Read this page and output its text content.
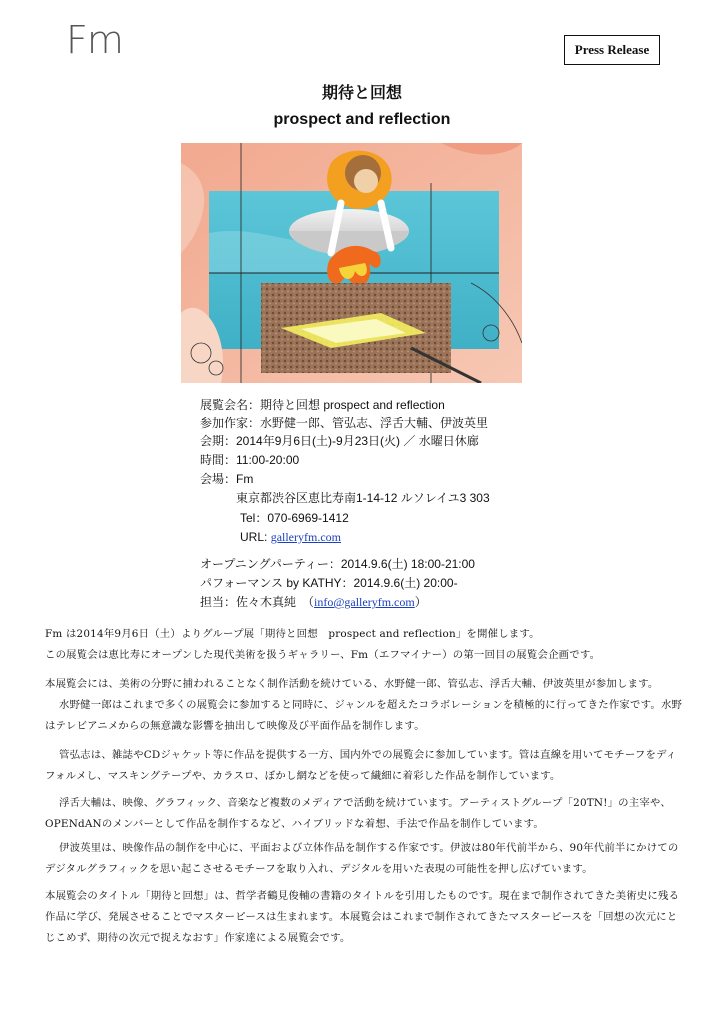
Fm	Press Release
期待と回想
prospect and reflection
展覧会名：期待と回想 prospect and reflection
参加作家：水野健一郎、管弘志、浮舌大輔、伊波英里
会期：2014年9月6日(土)-9月23日(火) ／ 水曜日休廊
時間：11:00-20:00
会場：Fm
東京都渋谷区恵比寿南1-14-12 ルソレイユ3 303
Tel：070-6969-1412
URL: galleryfm.com
オープニングパーティー：2014.9.6(土) 18:00-21:00
パフォーマンス by KATHY：2014.9.6(土) 20:00-
担当：佐々木真純　（info@galleryfm.com）

Fm は2014年9月6日（土）よりグループ展「期待と回想　prospect and reflection」を開催します。

この展覧会は恵比寿にオープンした現代美術を扱うギャラリー、Fm（エフマイナー）の第一回目の展覧会企画です。

本展覧会には、美術の分野に捕われることなく制作活動を続けている、水野健一郎、管弘志、浮舌大輔、伊波英里が参加します。

水野健一郎はこれまで多くの展覧会に参加すると同時に、ジャンルを超えたコラボレーションを積極的に行ってきた作家です。水野はテレビアニメからの無意識な影響を抽出して映像及び平面作品を制作します。

管弘志は、雑誌やCDジャケット等に作品を提供する一方、国内外での展覧会に参加しています。管は直線を用いてモチーフをディフォルメし、マスキングテープや、カラスロ、ぼかし網などを使って繊細に着彩した作品を制作しています。

浮舌大輔は、映像、グラフィック、音楽など複数のメディアで活動を続けています。アーティストグループ「20TN!」の主宰や、OPENdANのメンバーとして作品を制作するなど、ハイブリッドな着想、手法で作品を制作しています。

伊波英里は、映像作品の制作を中心に、平面および立体作品を制作する作家です。伊波は80年代前半から、90年代前半にかけてのデジタルグラフィックを思い起こさせるモチーフを取り入れ、デジタルを用いた表現の可能性を押し広げています。

本展覧会のタイトル「期待と回想」は、哲学者鶴見俊輔の書籍のタイトルを引用したものです。現在まで制作されてきた美術史に残る作品に学び、発展させることでマスターピースは生まれます。本展覧会はこれまで制作されてきたマスターピースを「回想の次元にとじこめず、期待の次元で捉えなおす」作家達による展覧会です。
